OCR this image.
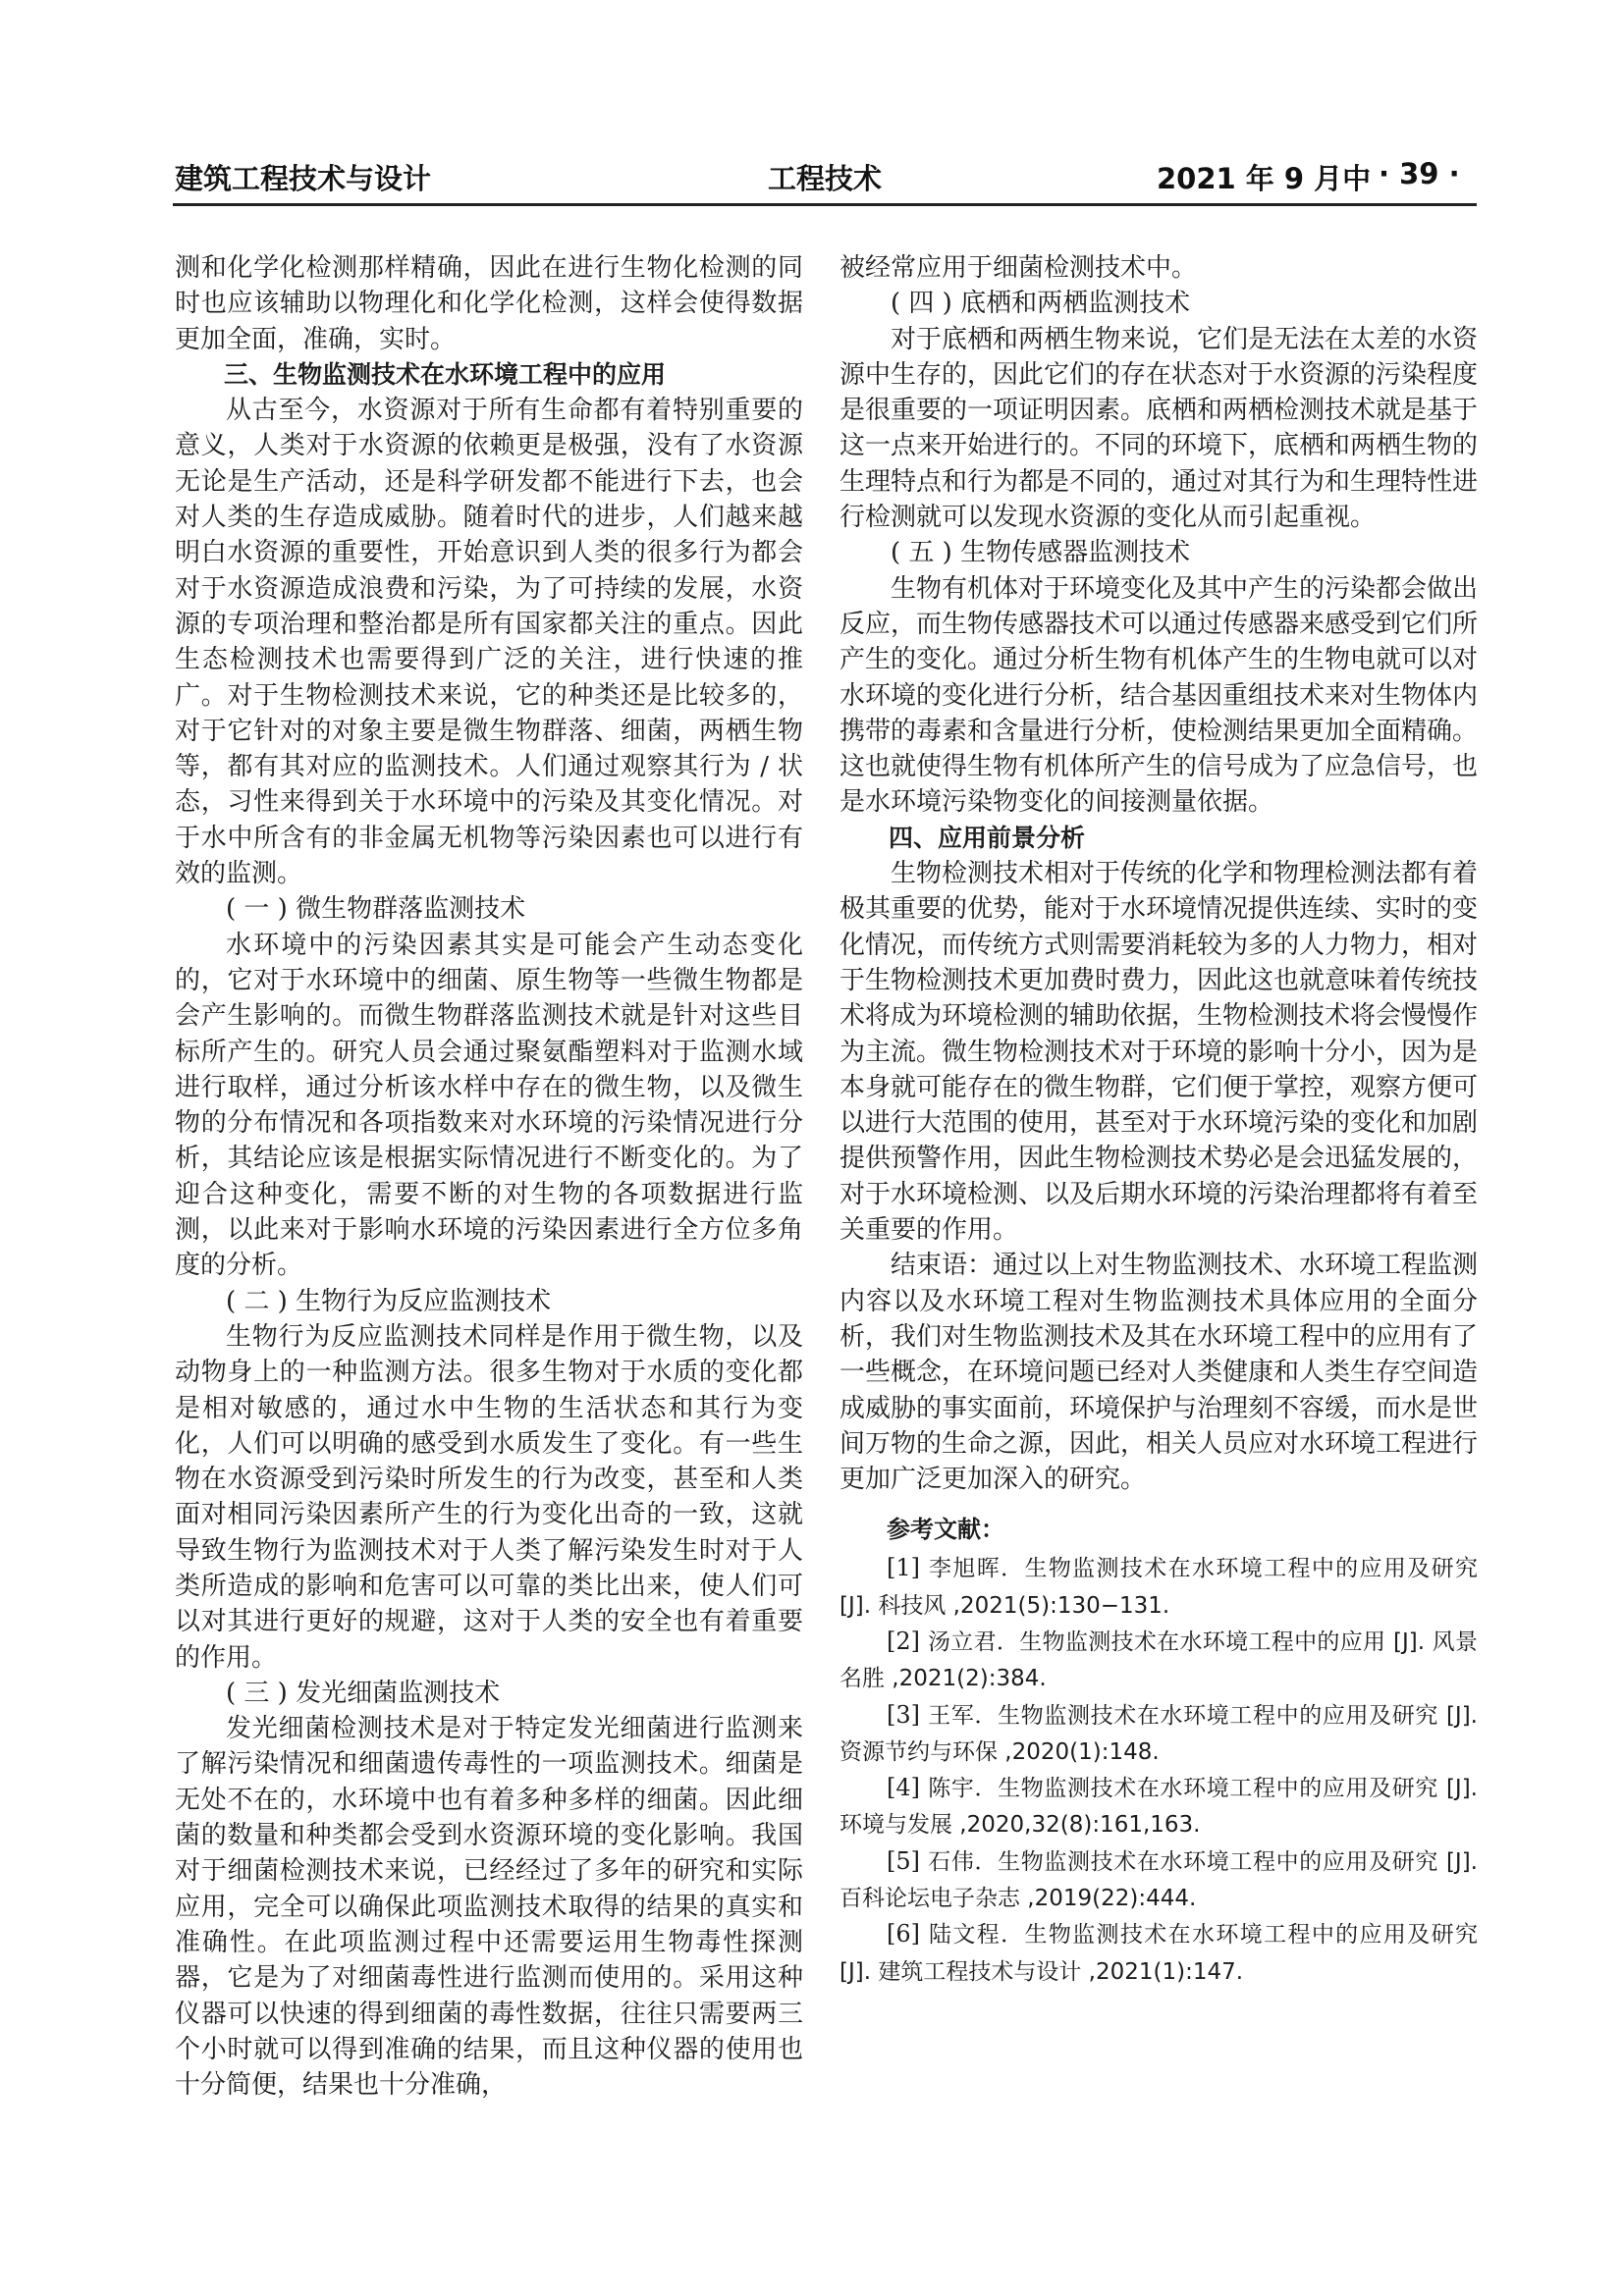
建筑工程技术与设计	工程技术	2021 年 9 月中 · 39 ·

测和化学化检测那样精确，因此在进行生物化检测的同时也应该辅助以物理化和化学化检测，这样会使得数据更加全面，准确，实时。

三、生物监测技术在水环境工程中的应用

从古至今，水资源对于所有生命都有着特别重要的意义，人类对于水资源的依赖更是极强，没有了水资源无论是生产活动，还是科学研发都不能进行下去，也会对人类的生存造成威胁。随着时代的进步，人们越来越明白水资源的重要性，开始意识到人类的很多行为都会对于水资源造成浪费和污染，为了可持续的发展，水资源的专项治理和整治都是所有国家都关注的重点。因此生态检测技术也需要得到广泛的关注，进行快速的推广。对于生物检测技术来说，它的种类还是比较多的，对于它针对的对象主要是微生物群落、细菌，两栖生物等，都有其对应的监测技术。人们通过观察其行为 / 状态，习性来得到关于水环境中的污染及其变化情况。对于水中所含有的非金属无机物等污染因素也可以进行有效的监测。

( 一 ) 微生物群落监测技术

水环境中的污染因素其实是可能会产生动态变化的，它对于水环境中的细菌、原生物等一些微生物都是会产生影响的。而微生物群落监测技术就是针对这些目标所产生的。研究人员会通过聚氨酯塑料对于监测水域进行取样，通过分析该水样中存在的微生物，以及微生物的分布情况和各项指数来对水环境的污染情况进行分析，其结论应该是根据实际情况进行不断变化的。为了迎合这种变化，需要不断的对生物的各项数据进行监测，以此来对于影响水环境的污染因素进行全方位多角度的分析。

( 二 ) 生物行为反应监测技术

生物行为反应监测技术同样是作用于微生物，以及动物身上的一种监测方法。很多生物对于水质的变化都是相对敏感的，通过水中生物的生活状态和其行为变化，人们可以明确的感受到水质发生了变化。有一些生物在水资源受到污染时所发生的行为改变，甚至和人类面对相同污染因素所产生的行为变化出奇的一致，这就导致生物行为监测技术对于人类了解污染发生时对于人类所造成的影响和危害可以可靠的类比出来，使人们可以对其进行更好的规避，这对于人类的安全也有着重要的作用。

( 三 ) 发光细菌监测技术

发光细菌检测技术是对于特定发光细菌进行监测来了解污染情况和细菌遗传毒性的一项监测技术。细菌是无处不在的，水环境中也有着多种多样的细菌。因此细菌的数量和种类都会受到水资源环境的变化影响。我国对于细菌检测技术来说，已经经过了多年的研究和实际应用，完全可以确保此项监测技术取得的结果的真实和准确性。在此项监测过程中还需要运用生物毒性探测器，它是为了对细菌毒性进行监测而使用的。采用这种仪器可以快速的得到细菌的毒性数据，往往只需要两三个小时就可以得到准确的结果，而且这种仪器的使用也十分简便，结果也十分准确，

被经常应用于细菌检测技术中。

( 四 ) 底栖和两栖监测技术

对于底栖和两栖生物来说，它们是无法在太差的水资源中生存的，因此它们的存在状态对于水资源的污染程度是很重要的一项证明因素。底栖和两栖检测技术就是基于这一点来开始进行的。不同的环境下，底栖和两栖生物的生理特点和行为都是不同的，通过对其行为和生理特性进行检测就可以发现水资源的变化从而引起重视。

( 五 ) 生物传感器监测技术

生物有机体对于环境变化及其中产生的污染都会做出反应，而生物传感器技术可以通过传感器来感受到它们所产生的变化。通过分析生物有机体产生的生物电就可以对水环境的变化进行分析，结合基因重组技术来对生物体内携带的毒素和含量进行分析，使检测结果更加全面精确。这也就使得生物有机体所产生的信号成为了应急信号，也是水环境污染物变化的间接测量依据。

四、应用前景分析

生物检测技术相对于传统的化学和物理检测法都有着极其重要的优势，能对于水环境情况提供连续、实时的变化情况，而传统方式则需要消耗较为多的人力物力，相对于生物检测技术更加费时费力，因此这也就意味着传统技术将成为环境检测的辅助依据，生物检测技术将会慢慢作为主流。微生物检测技术对于环境的影响十分小，因为是本身就可能存在的微生物群，它们便于掌控，观察方便可以进行大范围的使用，甚至对于水环境污染的变化和加剧提供预警作用，因此生物检测技术势必是会迅猛发展的，对于水环境检测、以及后期水环境的污染治理都将有着至关重要的作用。

结束语：通过以上对生物监测技术、水环境工程监测内容以及水环境工程对生物监测技术具体应用的全面分析，我们对生物监测技术及其在水环境工程中的应用有了一些概念，在环境问题已经对人类健康和人类生存空间造成威胁的事实面前，环境保护与治理刻不容缓，而水是世间万物的生命之源，因此，相关人员应对水环境工程进行更加广泛更加深入的研究。

参考文献：

[1] 李旭晖．生物监测技术在水环境工程中的应用及研究 [J]. 科技风 ,2021(5):130−131.

[2] 汤立君．生物监测技术在水环境工程中的应用 [J]. 风景名胜 ,2021(2):384.

[3] 王军．生物监测技术在水环境工程中的应用及研究 [J]. 资源节约与环保 ,2020(1):148.

[4] 陈宇．生物监测技术在水环境工程中的应用及研究 [J]. 环境与发展 ,2020,32(8):161,163.

[5] 石伟．生物监测技术在水环境工程中的应用及研究 [J]. 百科论坛电子杂志 ,2019(22):444.

[6] 陆文程．生物监测技术在水环境工程中的应用及研究 [J]. 建筑工程技术与设计 ,2021(1):147.
